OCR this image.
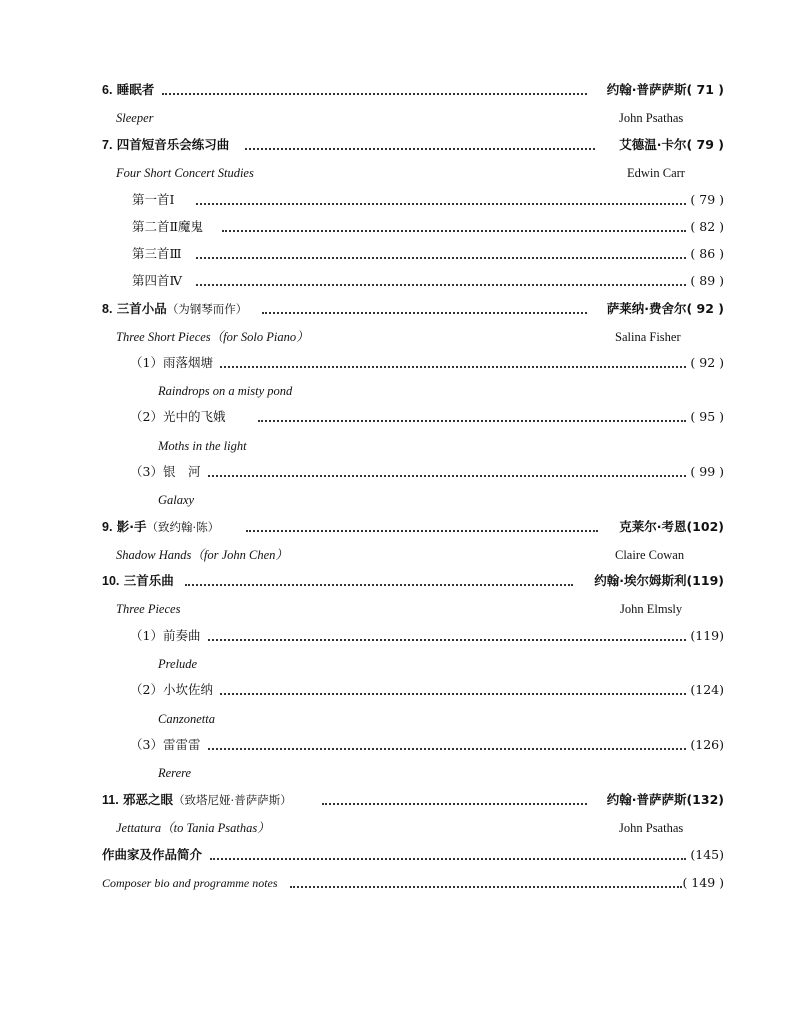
6. 睡眠者	约翰·普萨萨斯( 71 )
Sleeper	John Psathas
7. 四首短音乐会练习曲	艾德温·卡尔( 79 )
Four Short Concert Studies	Edwin Carr
第一首Ⅰ	( 79 )
第二首Ⅱ魔鬼	( 82 )
第三首Ⅲ	( 86 )
第四首Ⅳ	( 89 )
8. 三首小品（为钢琴而作）	萨莱纳·费舍尔( 92 )
Three Short Pieces（for Solo Piano）	Salina Fisher
（1）雨落烟塘	( 92 )
Raindrops on a misty pond
（2）光中的飞娥	( 95 )
Moths in the light
（3）银　河	( 99 )
Galaxy
9. 影·手（致约翰·陈）	克莱尔·考恩(102)
Shadow Hands（for John Chen）	Claire Cowan
10. 三首乐曲	约翰·埃尔姆斯利(119)
Three Pieces	John Elmsly
（1）前奏曲	(119)
Prelude
（2）小坎佐纳	(124)
Canzonetta
（3）雷雷雷	(126)
Rerere
11. 邪恶之眼（致塔尼娅·普萨萨斯）	约翰·普萨萨斯(132)
Jettatura（to Tania Psathas）	John Psathas
作曲家及作品简介	(145)
Composer bio and programme notes	( 149 )
